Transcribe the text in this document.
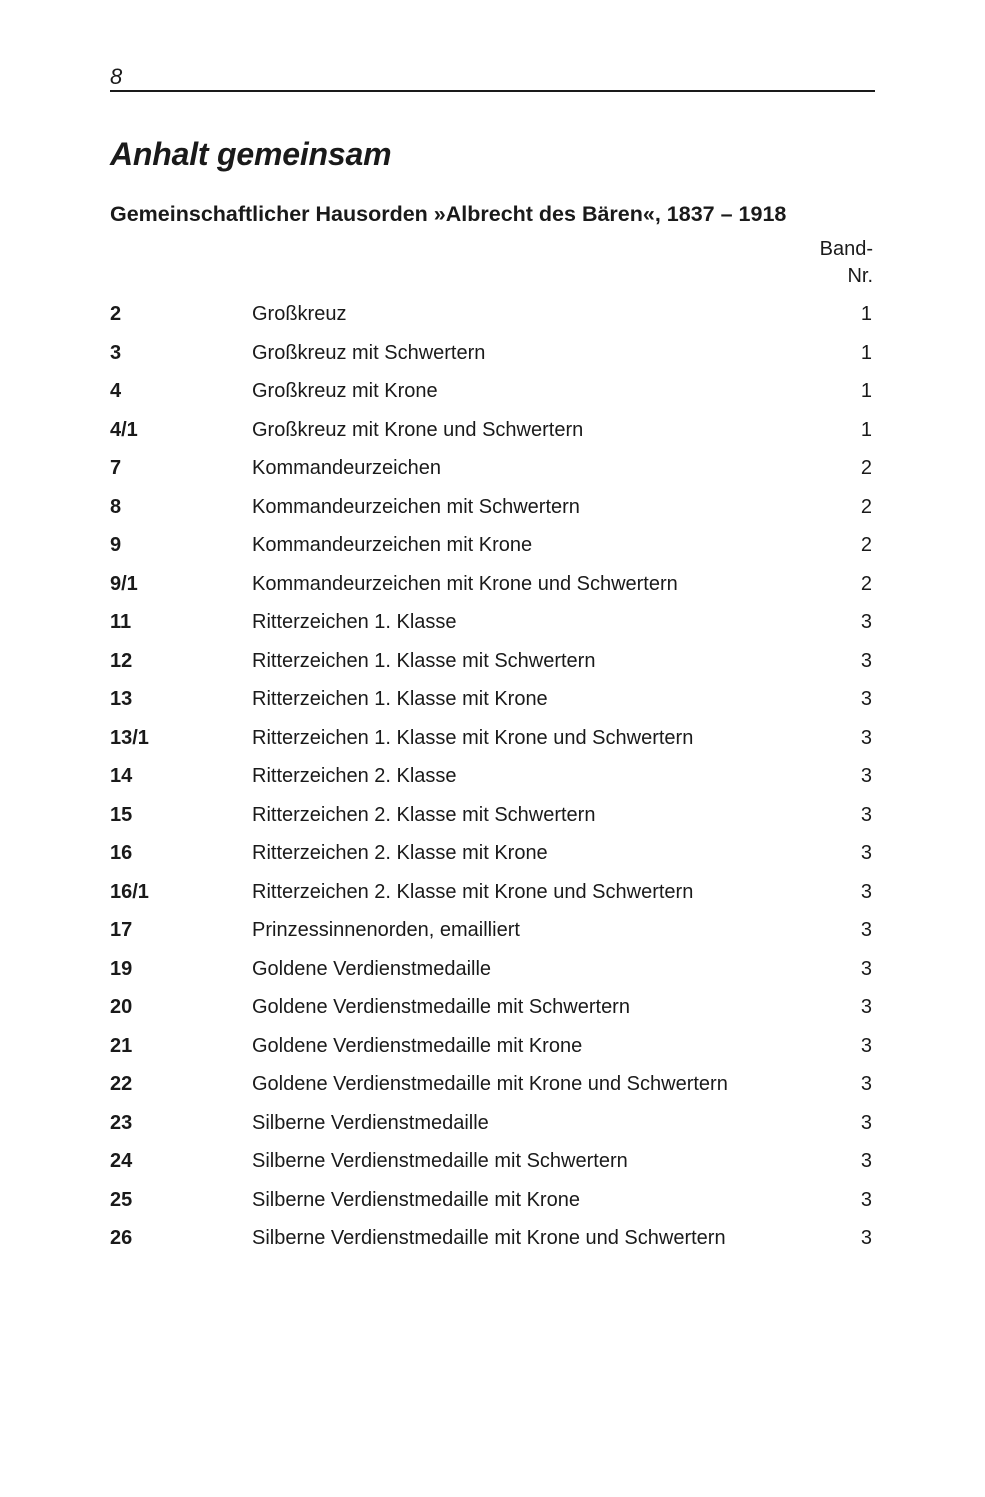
8
Anhalt gemeinsam
Gemeinschaftlicher Hausorden »Albrecht des Bären«, 1837 – 1918
Band-
Nr.
2	Großkreuz	1
3	Großkreuz mit Schwertern	1
4	Großkreuz mit Krone	1
4/1	Großkreuz mit Krone und Schwertern	1
7	Kommandeurzeichen	2
8	Kommandeurzeichen mit Schwertern	2
9	Kommandeurzeichen mit Krone	2
9/1	Kommandeurzeichen mit Krone und Schwertern	2
11	Ritterzeichen 1. Klasse	3
12	Ritterzeichen 1. Klasse mit Schwertern	3
13	Ritterzeichen 1. Klasse mit Krone	3
13/1	Ritterzeichen 1. Klasse mit Krone und Schwertern	3
14	Ritterzeichen 2. Klasse	3
15	Ritterzeichen 2. Klasse mit Schwertern	3
16	Ritterzeichen 2. Klasse mit Krone	3
16/1	Ritterzeichen 2. Klasse mit Krone und Schwertern	3
17	Prinzessinnenorden, emailliert	3
19	Goldene Verdienstmedaille	3
20	Goldene Verdienstmedaille mit Schwertern	3
21	Goldene Verdienstmedaille mit Krone	3
22	Goldene Verdienstmedaille mit Krone und Schwertern	3
23	Silberne Verdienstmedaille	3
24	Silberne Verdienstmedaille mit Schwertern	3
25	Silberne Verdienstmedaille mit Krone	3
26	Silberne Verdienstmedaille mit Krone und Schwertern	3
